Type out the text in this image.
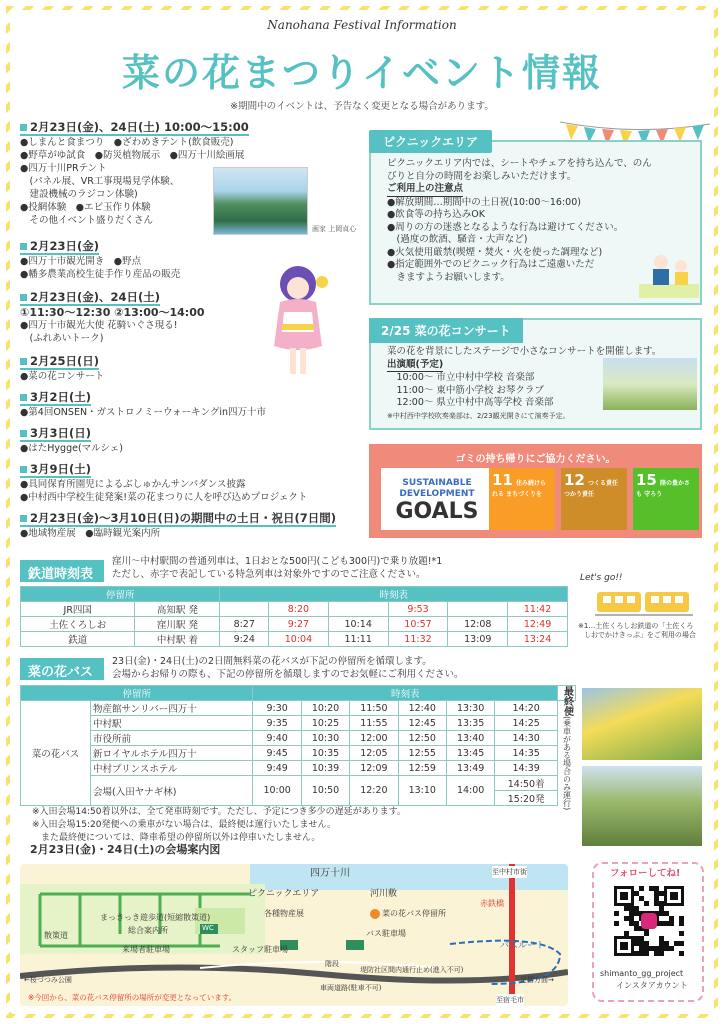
Nanohana Festival Information
菜の花まつりイベント情報
※期間中のイベントは、予告なく変更となる場合があります。
2月23日(金)、24日(土) 10:00～15:00
●しまんと食まつり　●ざわめきテント(飲食販売)
●野草がゆ試食　●防災植物展示　●四万十川絵画展
●四万十川PRテント
　(パネル展、VR工事現場見学体験、
　建設機械のラジコン体験)
●投網体験　●エビ玉作り体験
　その他イベント盛りだくさん
画家 上岡貞心
2月23日(金)
●四万十市観光開き　●野点
●幡多農業高校生徒手作り産品の販売
2月23日(金)、24日(土)
①11:30～12:30 ②13:00～14:00
●四万十市観光大使 花騎いぐさ現る!
　(ふれあいトーク)
2月25日(日)
●菜の花コンサート
3月2日(土)
●第4回ONSEN・ガストロノミーウォーキングin四万十市
3月3日(日)
●はたHygge(マルシェ)
3月9日(土)
●具同保育所園児によるぶしゅかんサンバダンス披露
●中村西中学校生徒発案!菜の花まつりに人を呼び込めプロジェクト
2月23日(金)～3月10日(日)の期間中の土日・祝日(7日間)
●地域物産展　●臨時観光案内所
ピクニックエリア
ピクニックエリア内では、シートやチェアを持ち込んで、のん
びりと自分の時間をお楽しみいただけます。
ご利用上の注意点
●解放期間…期間中の土日祝(10:00～16:00)
●飲食等の持ち込みOK
●周りの方の迷惑となるような行為は避けてください。
　(過度の飲酒、騒音・大声など)
●火気使用厳禁(喫煙・焚火・火を使った調理など)
●指定範囲外でのピクニック行為はご遠慮いただ
　きますようお願いします。
2/25 菜の花コンサート
菜の花を背景にしたステージで小さなコンサートを開催します。
出演順(予定)
　10:00～ 市立中村中学校 音楽部
　11:00～ 東中筋小学校 お琴クラブ
　12:00～ 県立中村中高等学校 音楽部
※中村西中学校吹奏楽部は、2/23観光開きにて演奏予定。
ゴミの持ち帰りにご協力ください。
SUSTAINABLE
DEVELOPMENT
GOALS
11 住み続けられる まちづくりを
12 つくる責任 つかう責任
15 陸の豊かさも 守ろう
鉄道時刻表
窪川～中村駅間の普通列車は、1日おとな500円(こども300円)で乗り放題!*1
ただし、赤字で表記している特急列車は対象外ですのでご注意ください。
停留所		時刻表					
JR四国	高知駅 発		8:20		9:53		11:42
土佐くろしお	窪川駅 発	8:27	9:27	10:14	10:57	12:08	12:49
鉄道	中村駅 着	9:24	10:04	11:11	11:32	13:09	13:24
Let's go!!
※1…土佐くろしお鉄道の「土佐くろ
しおでかけきっぷ」をご利用の場合
菜の花バス
23日(金)・24日(土)の2日間無料菜の花バスが下記の停留所を循環します。
会場からお帰りの際も、下記の停留所を循環しますのでお気軽にご利用ください。
停留所		時刻表						最終便(乗車がある場合のみ運行)
菜の花バス	物産館サンリバー四万十	9:30	10:20	11:50	12:40	13:30	14:20	
	中村駅	9:35	10:25	11:55	12:45	13:35	14:25	
	市役所前	9:40	10:30	12:00	12:50	13:40	14:30	
	新ロイヤルホテル四万十	9:45	10:35	12:05	12:55	13:45	14:35	
	中村プリンスホテル	9:49	10:39	12:09	12:59	13:49	14:39	
	会場(入田ヤナギ林)	10:00	10:50	12:20	13:10	14:00	14:50着	
							15:20発	
※入田会場14:50着以外は、全て発車時刻です。ただし、予定につき多少の遅延があります。
※入田会場15:20発便への乗車がない場合は、最終便は運行いたしません。
　また最終便については、降車希望の停留所以外は停車いたしません。
2月23日(金)・24日(土)の会場案内図
四万十川
河川敷
ピクニックエリア
まっきっき遊歩道(短縮散策道)
総合案内所
各種物産展	菜の花バス停留所
バス駐車場
散策道
来場者駐車場	スタッフ駐車場
WC
階段
赤鉄橋
バスルート
堤防社区間内通行止め(進入不可)
車両道路(駐車不可)
←桜づつみ公園	足摺方面→
至中村市街
至宿毛市
※今回から、菜の花バス停留所の場所が変更となっています。
フォローしてね!
shimanto_gg_project
インスタアカウント
